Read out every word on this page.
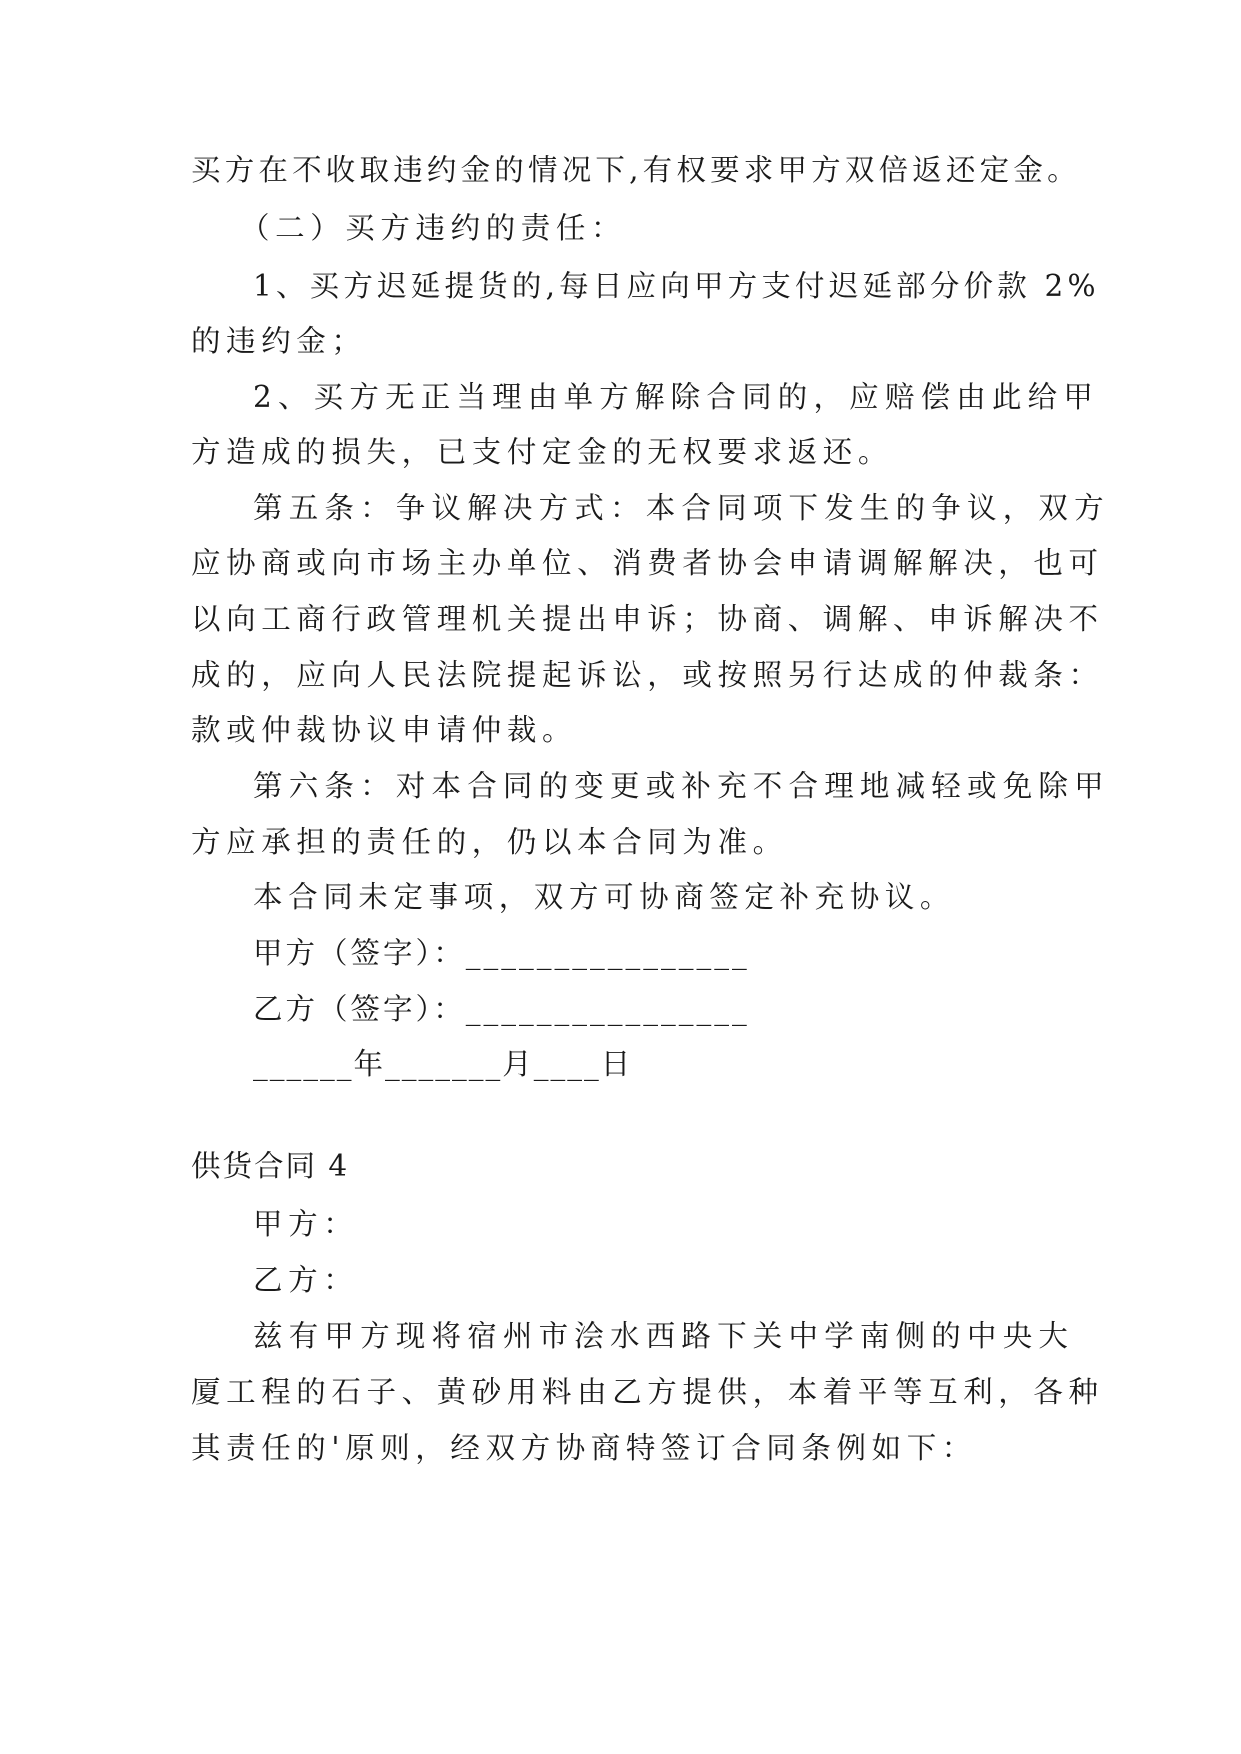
买方在不收取违约金的情况下,有权要求甲方双倍返还定金。
（二）买方违约的责任：
1、买方迟延提货的,每日应向甲方支付迟延部分价款 2%
的违约金；
2、买方无正当理由单方解除合同的，应赔偿由此给甲
方造成的损失，已支付定金的无权要求返还。
第五条：争议解决方式：本合同项下发生的争议，双方
应协商或向市场主办单位、消费者协会申请调解解决，也可
以向工商行政管理机关提出申诉；协商、调解、申诉解决不
成的，应向人民法院提起诉讼，或按照另行达成的仲裁条：
款或仲裁协议申请仲裁。
第六条：对本合同的变更或补充不合理地减轻或免除甲
方应承担的责任的，仍以本合同为准。
本合同未定事项，双方可协商签定补充协议。
甲方（签字）：________________
乙方（签字）：________________
______年_______月____日
供货合同 4
甲方：
乙方：
兹有甲方现将宿州市浍水西路下关中学南侧的中央大
厦工程的石子、黄砂用料由乙方提供，本着平等互利，各种
其责任的'原则，经双方协商特签订合同条例如下：
